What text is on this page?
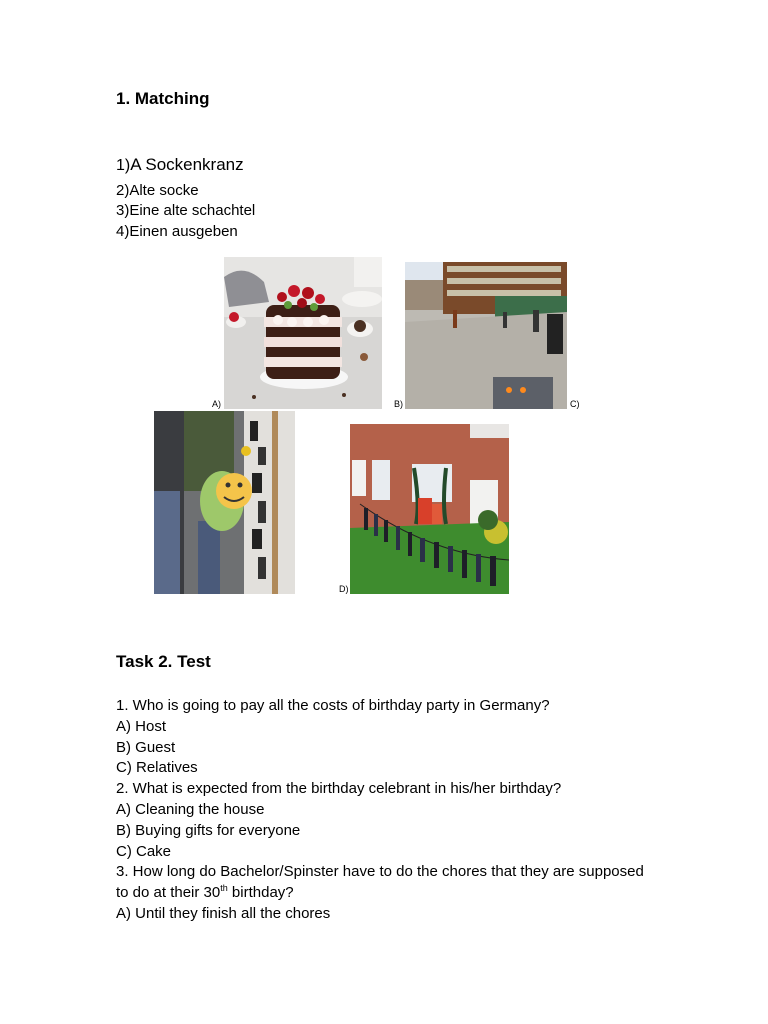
1. Matching
1)A Sockenkranz
2)Alte socke
3)Eine alte schachtel
4)Einen ausgeben
A)	B)	C)
D)
Task 2. Test
1. Who is going to pay all the costs of birthday party in Germany?
A) Host
B) Guest
C) Relatives
2. What is expected from the birthday celebrant in his/her birthday?
A) Cleaning the house
B) Buying gifts for everyone
C) Cake
3. How long do Bachelor/Spinster have to do the chores that they are supposed to do at their 30th birthday?
A) Until they finish all the chores
